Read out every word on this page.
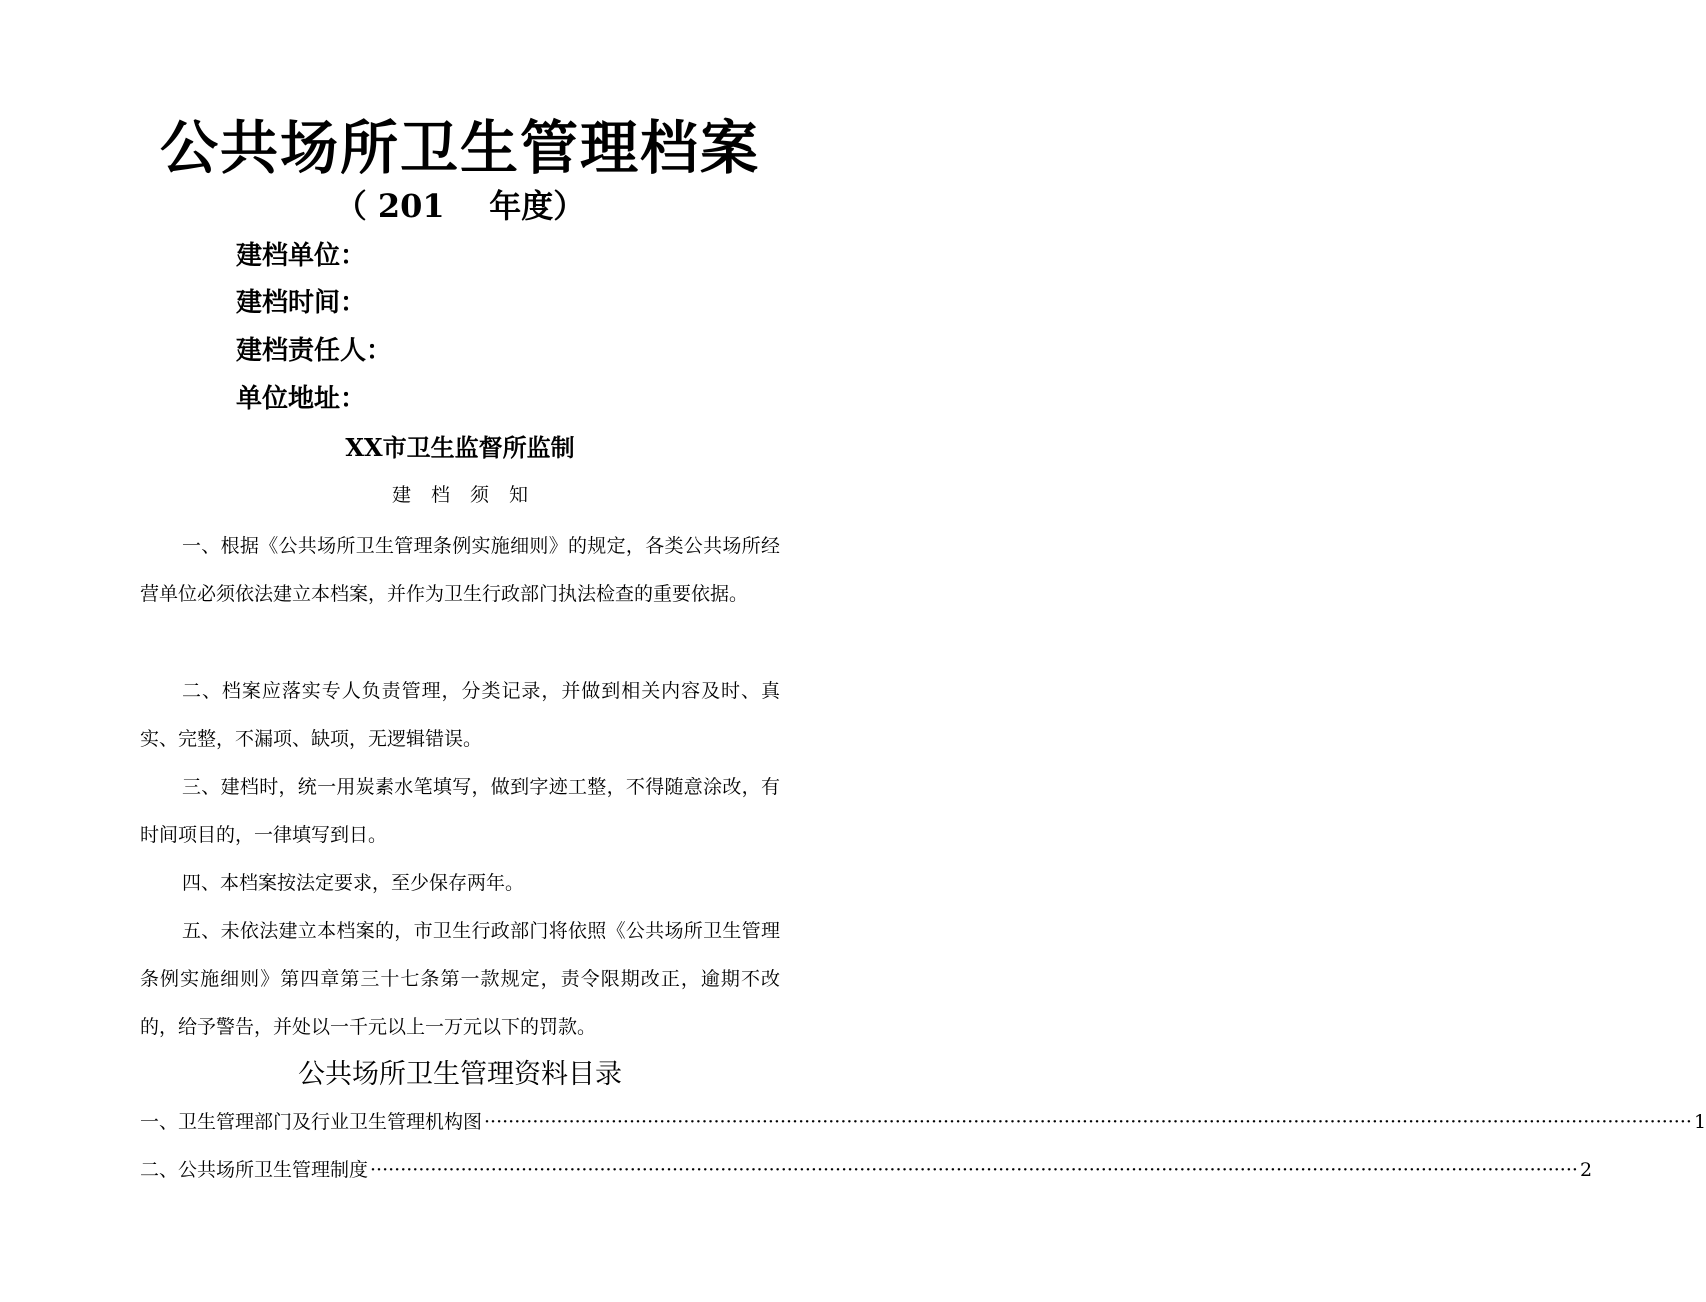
公共场所卫生管理档案
（ 201    年度）
建档单位：
建档时间：
建档责任人：
单位地址：
XX市卫生监督所监制
建档须知

一、根据《公共场所卫生管理条例实施细则》的规定，各类公共场所经营单位必须依法建立本档案，并作为卫生行政部门执法检查的重要依据。

二、档案应落实专人负责管理，分类记录，并做到相关内容及时、真实、完整，不漏项、缺项，无逻辑错误。

三、建档时，统一用炭素水笔填写，做到字迹工整，不得随意涂改，有时间项目的，一律填写到日。

四、本档案按法定要求，至少保存两年。

五、未依法建立本档案的，市卫生行政部门将依照《公共场所卫生管理条例实施细则》第四章第三十七条第一款规定，责令限期改正，逾期不改的，给予警告，并处以一千元以上一万元以下的罚款。

公共场所卫生管理资料目录
一、卫生管理部门及行业卫生管理机构图 ········································································································································································································ 1
二、公共场所卫生管理制度 ········································································································································································································ 2
